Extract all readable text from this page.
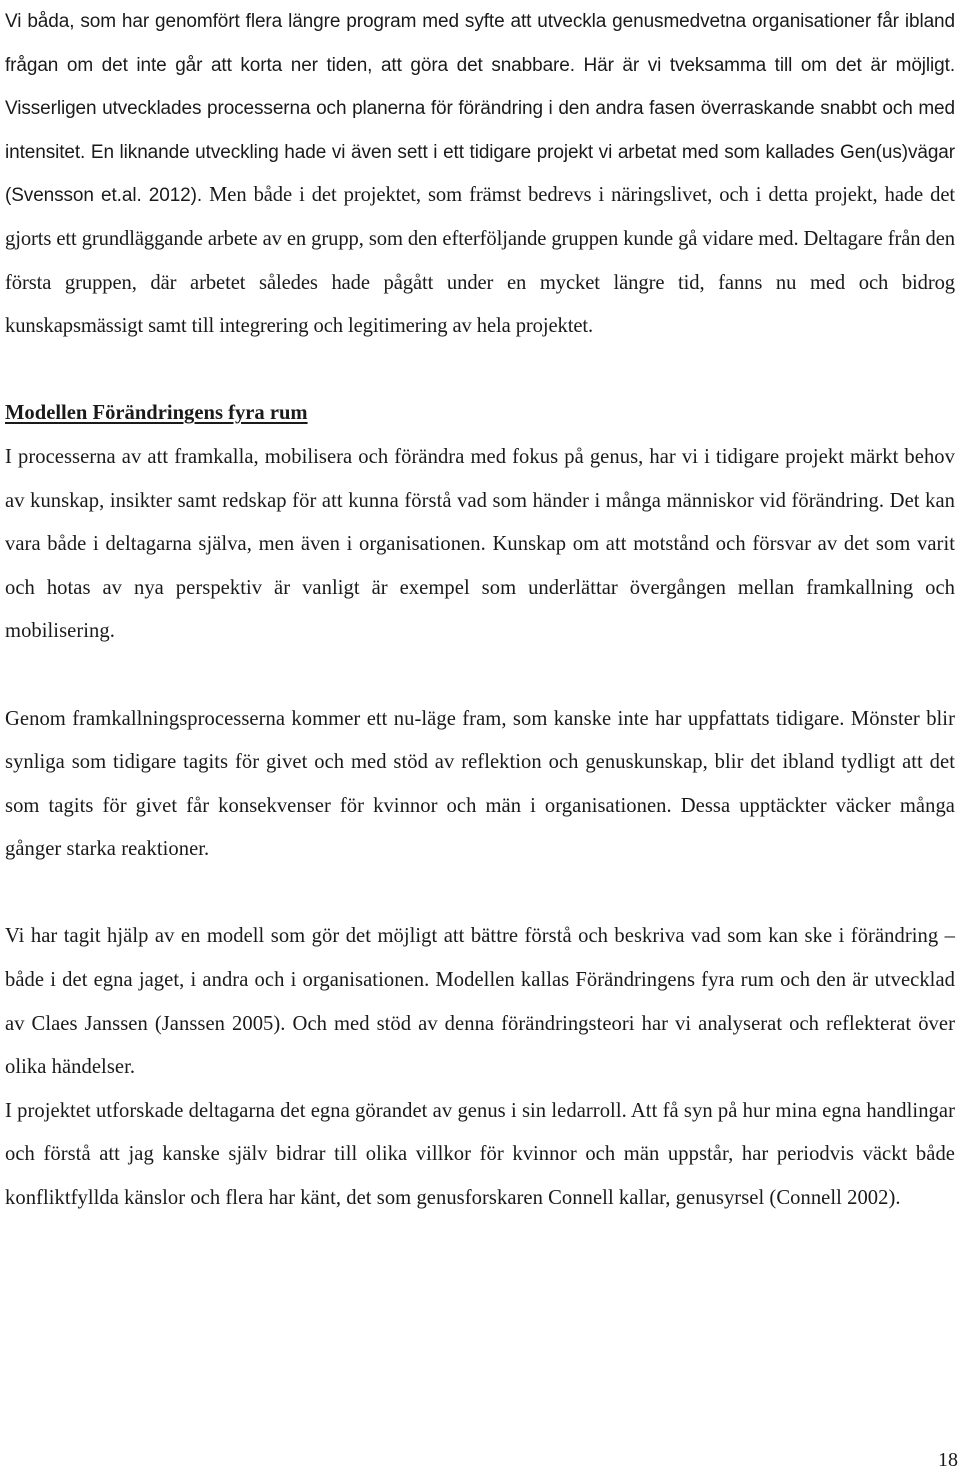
Vi båda, som har genomfört flera längre program med syfte att utveckla genusmedvetna organisationer får ibland frågan om det inte går att korta ner tiden, att göra det snabbare. Här är vi tveksamma till om det är möjligt. Visserligen utvecklades processerna och planerna för förändring i den andra fasen överraskande snabbt och med intensitet. En liknande utveckling hade vi även sett i ett tidigare projekt vi arbetat med som kallades Gen(us)vägar (Svensson et.al. 2012). Men både i det projektet, som främst bedrevs i näringslivet, och i detta projekt, hade det gjorts ett grundläggande arbete av en grupp, som den efterföljande gruppen kunde gå vidare med. Deltagare från den första gruppen, där arbetet således hade pågått under en mycket längre tid, fanns nu med och bidrog kunskapsmässigt samt till integrering och legitimering av hela projektet.

Modellen Förändringens fyra rum

I processerna av att framkalla, mobilisera och förändra med fokus på genus, har vi i tidigare projekt märkt behov av kunskap, insikter samt redskap för att kunna förstå vad som händer i många människor vid förändring. Det kan vara både i deltagarna själva, men även i organisationen. Kunskap om att motstånd och försvar av det som varit och hotas av nya perspektiv är vanligt är exempel som underlättar övergången mellan framkallning och mobilisering.

Genom framkallningsprocesserna kommer ett nu-läge fram, som kanske inte har uppfattats tidigare. Mönster blir synliga som tidigare tagits för givet och med stöd av reflektion och genuskunskap, blir det ibland tydligt att det som tagits för givet får konsekvenser för kvinnor och män i organisationen. Dessa upptäckter väcker många gånger starka reaktioner.

Vi har tagit hjälp av en modell som gör det möjligt att bättre förstå och beskriva vad som kan ske i förändring – både i det egna jaget, i andra och i organisationen. Modellen kallas Förändringens fyra rum och den är utvecklad av Claes Janssen (Janssen 2005). Och med stöd av denna förändringsteori har vi analyserat och reflekterat över olika händelser.

I projektet utforskade deltagarna det egna görandet av genus i sin ledarroll. Att få syn på hur mina egna handlingar och förstå att jag kanske själv bidrar till olika villkor för kvinnor och män uppstår, har periodvis väckt både konfliktfyllda känslor och flera har känt, det som genusforskaren Connell kallar, genusyrsel (Connell 2002).

18
